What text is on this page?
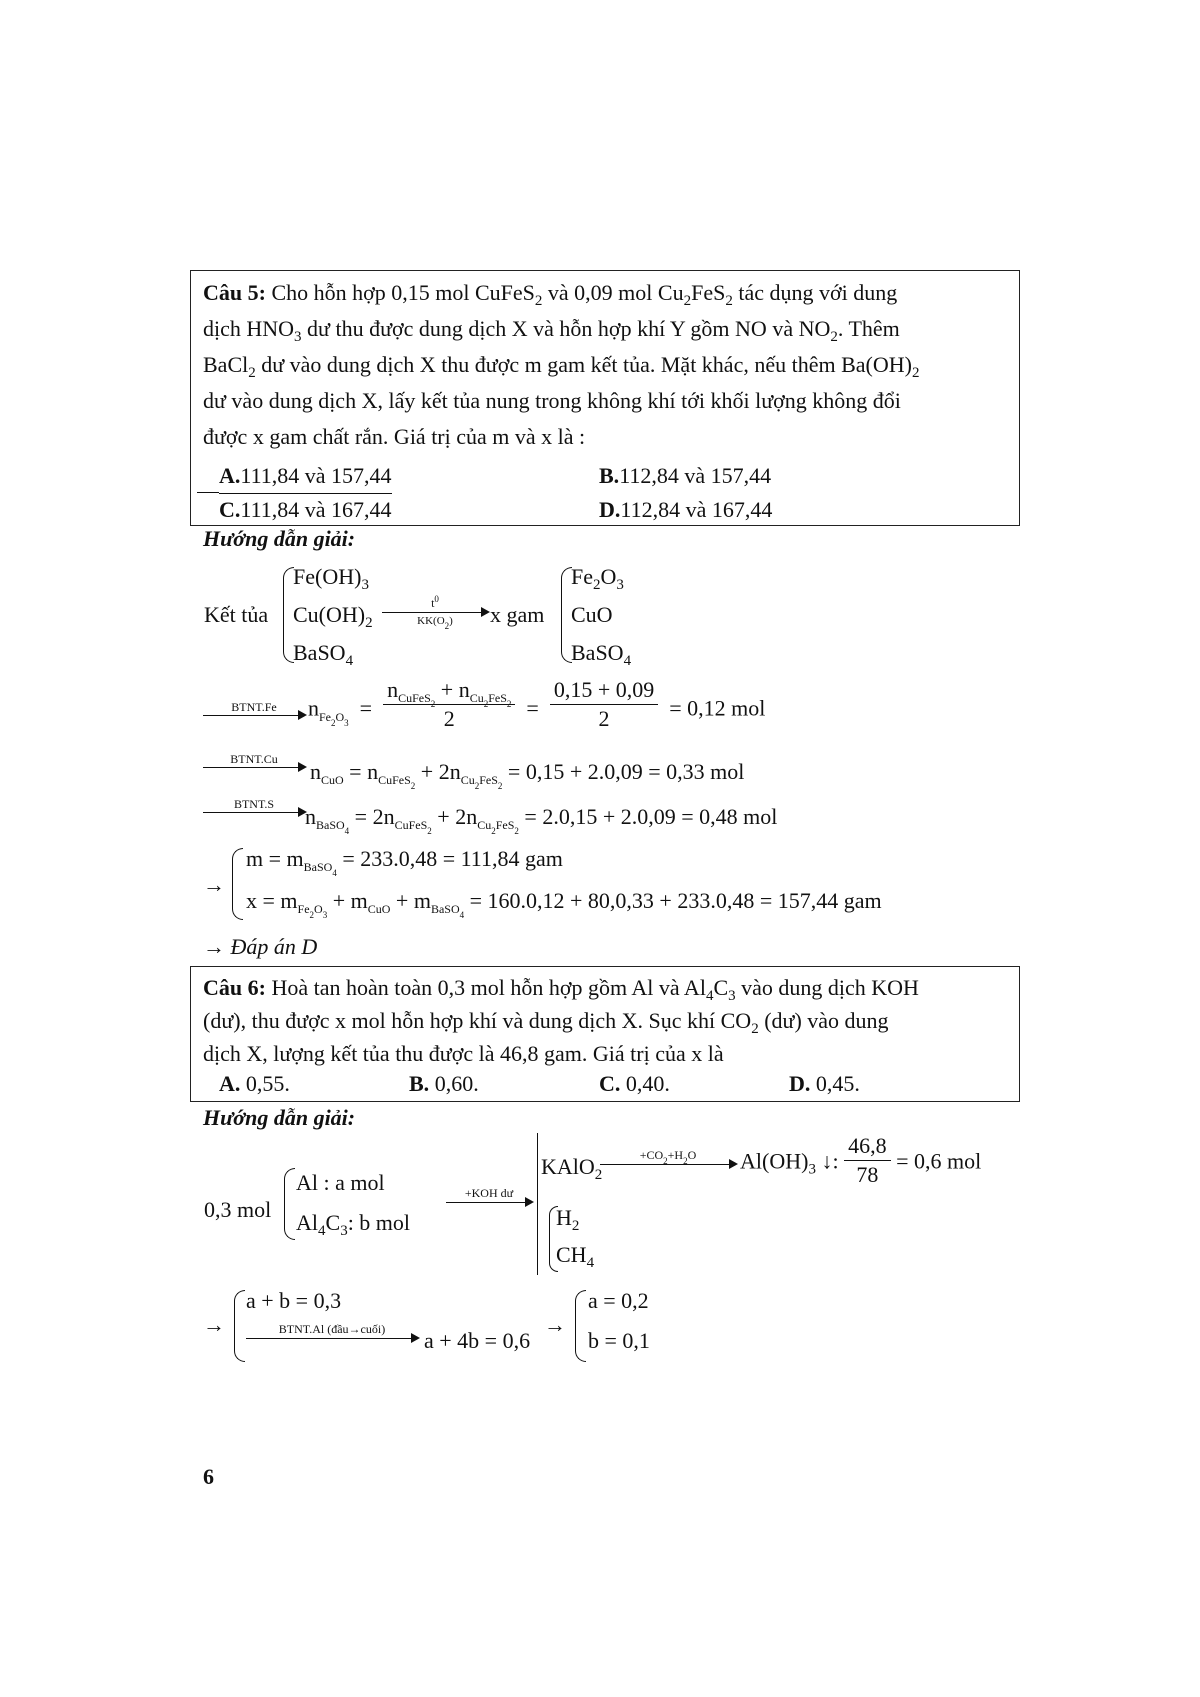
Câu 5: Cho hỗn hợp 0,15 mol CuFeS$_2$ và 0,09 mol $Cu_2FeS_2$ tác dụng với dung
dịch $HNO_3$ dư thu được dung dịch X và hỗn hợp khí Y gồm NO và $NO_2$. Thêm
BaCl$_2$ dư vào dung dịch X thu được m gam kết tủa. Mặt khác, nếu thêm $Ba(OH)_2$
dư vào dung dịch X, lấy kết tủa nung trong không khí tới khối lượng không đổi
được x gam chất rắn. Giá trị của m và x là :
A.111,84 và 157,44	B.112,84 và 157,44
C.111,84 và 167,44	D.112,84 và 167,44
Hướng dẫn giải:
Kết tủa
$Fe(OH)_3$
$Cu(OH)_2$
BaSO$_4$
$t^0$
$KK(O_2)$	x gam
$Fe_2O_3$
CuO
BaSO$_4$
BTNT.Fe	$n_{Fe_2O_3} = \frac{n_{CuFeS_2} + n_{Cu_2FeS_2}}{2} = \frac{0,15 + 0,09}{2} = 0,12$ mol
BTNT.Cu	$n_{CuO} = n_{CuFeS_2} + 2n_{Cu_2FeS_2} = 0,15 + 2.0,09 = 0,33$ mol
BTNT.S	$n_{BaSO_4} = 2n_{CuFeS_2} + 2n_{Cu_2FeS_2} = 2.0,15 + 2.0,09 = 0,48$ mol
→
$m = m_{BaSO_4} = 233.0,48 = 111,84$ gam
$x = m_{Fe_2O_3} + m_{CuO} + m_{BaSO_4} = 160.0,12 + 80,0,33 + 233.0,48 = 157,44$ gam
→ Đáp án D
Câu 6: Hoà tan hoàn toàn 0,3 mol hỗn hợp gồm Al và $Al_4C_3$ vào dung dịch KOH
(dư), thu được x mol hỗn hợp khí và dung dịch X. Sục khí $CO_2$ (dư) vào dung
dịch X, lượng kết tủa thu được là 46,8 gam. Giá trị của x là
A. 0,55.	B. 0,60.	C. 0,40.	D. 0,45.
Hướng dẫn giải:
0,3 mol
Al : a mol
$Al_4C_3$: b mol
+KOH dư
KAlO$_2$
$+CO_2+H_2O$	$Al(OH)_3$ ↓: $\frac{46,8}{78} = 0,6$ mol
$H_2$
$CH_4$
→
a + b = 0,3
BTNT.Al (đầu→cuối)	a + 4b = 0,6
→
a = 0,2
b = 0,1
6
